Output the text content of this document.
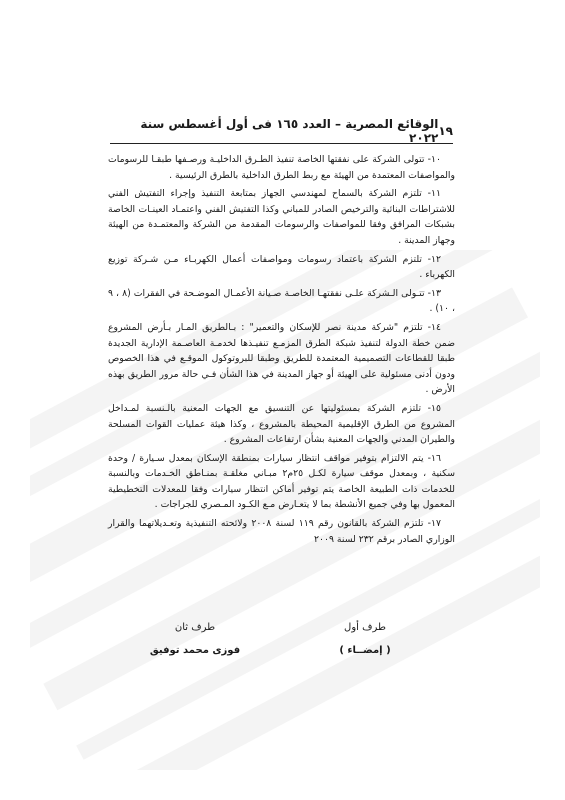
١٩
الوقائع المصرية – العدد ١٦٥ فى أول أغسطس سنة ٢٠٢٢

١٠- تتولى الشركة على نفقتها الخاصة تنفيذ الطـرق الداخليـة ورصـفها طبقـا للرسومات والمواصفات المعتمدة من الهيئة مع ربط الطرق الداخلية بالطرق الرئيسية .

١١- تلتزم الشركة بالسماح لمهندسي الجهاز بمتابعة التنفيذ وإجراء التفتيش الفني للاشتراطات البنائية والترخيص الصادر للمباني وكذا التفتيش الفني واعتمـاد العينـات الخاصة بشبكات المرافق وفقا للمواصفات والرسومات المقدمة من الشركة والمعتمـدة من الهيئة وجهاز المدينة .

١٢- تلتزم الشركة باعتماد رسومات ومواصفات أعمال الكهربـاء مـن شـركة توزيع الكهرباء .

١٣- تتـولى الـشركة علـى نفقتهـا الخاصـة صـيانة الأعمـال الموضـحة في الفقرات (٨ ، ٩ ، ١٠) .

١٤- تلتزم "شركة مدينة نصر للإسكان والتعمير" : بـالطريق المـار بـأرض المشروع ضمن خطة الدولة لتنفيذ شبكة الطرق المزمـع تنفيـذها لخدمـة العاصـمة الإدارية الجديدة طبقا للقطاعات التصميمية المعتمدة للطريق وطبقا للبروتوكول الموقـع في هذا الخصوص ودون أدنى مسئولية على الهيئة أو جهاز المدينة في هذا الشأن فـي حالة مرور الطريق بهذه الأرض .

١٥- تلتزم الشركة بمسئوليتها عن التنسيق مع الجهات المعنية بالـنسبة لمـداخل المشروع من الطرق الإقليمية المحيطة بالمشروع ، وكذا هيئة عمليات القوات المسلحة والطيران المدني والجهات المعنية بشأن ارتفاعات المشروع .

١٦- يتم الالتزام بتوفير مواقف انتظار سيارات بمنطقة الإسكان بمعدل سـيارة / وحدة سكنية ، وبمعدل موقف سيارة لكـل ٢٥م٢ مبـاني مغلقـة بمنـاطق الخـدمات وبالنسبة للخدمات ذات الطبيعة الخاصة يتم توفير أماكن انتظار سيارات وفقا للمعدلات التخطيطية المعمول بها وفي جميع الأنشطة بما لا يتعـارض مـع الكـود المـصري للجراجات .

١٧- تلتزم الشركة بالقانون رقم ١١٩ لسنة ٢٠٠٨ ولائحته التنفيذية وتعـديلاتهما والقرار الوزاري الصادر برقم ٢٣٢ لسنة ٢٠٠٩

طرف أول
( إمضــاء )
طرف ثان
فوزى محمد توفيق
